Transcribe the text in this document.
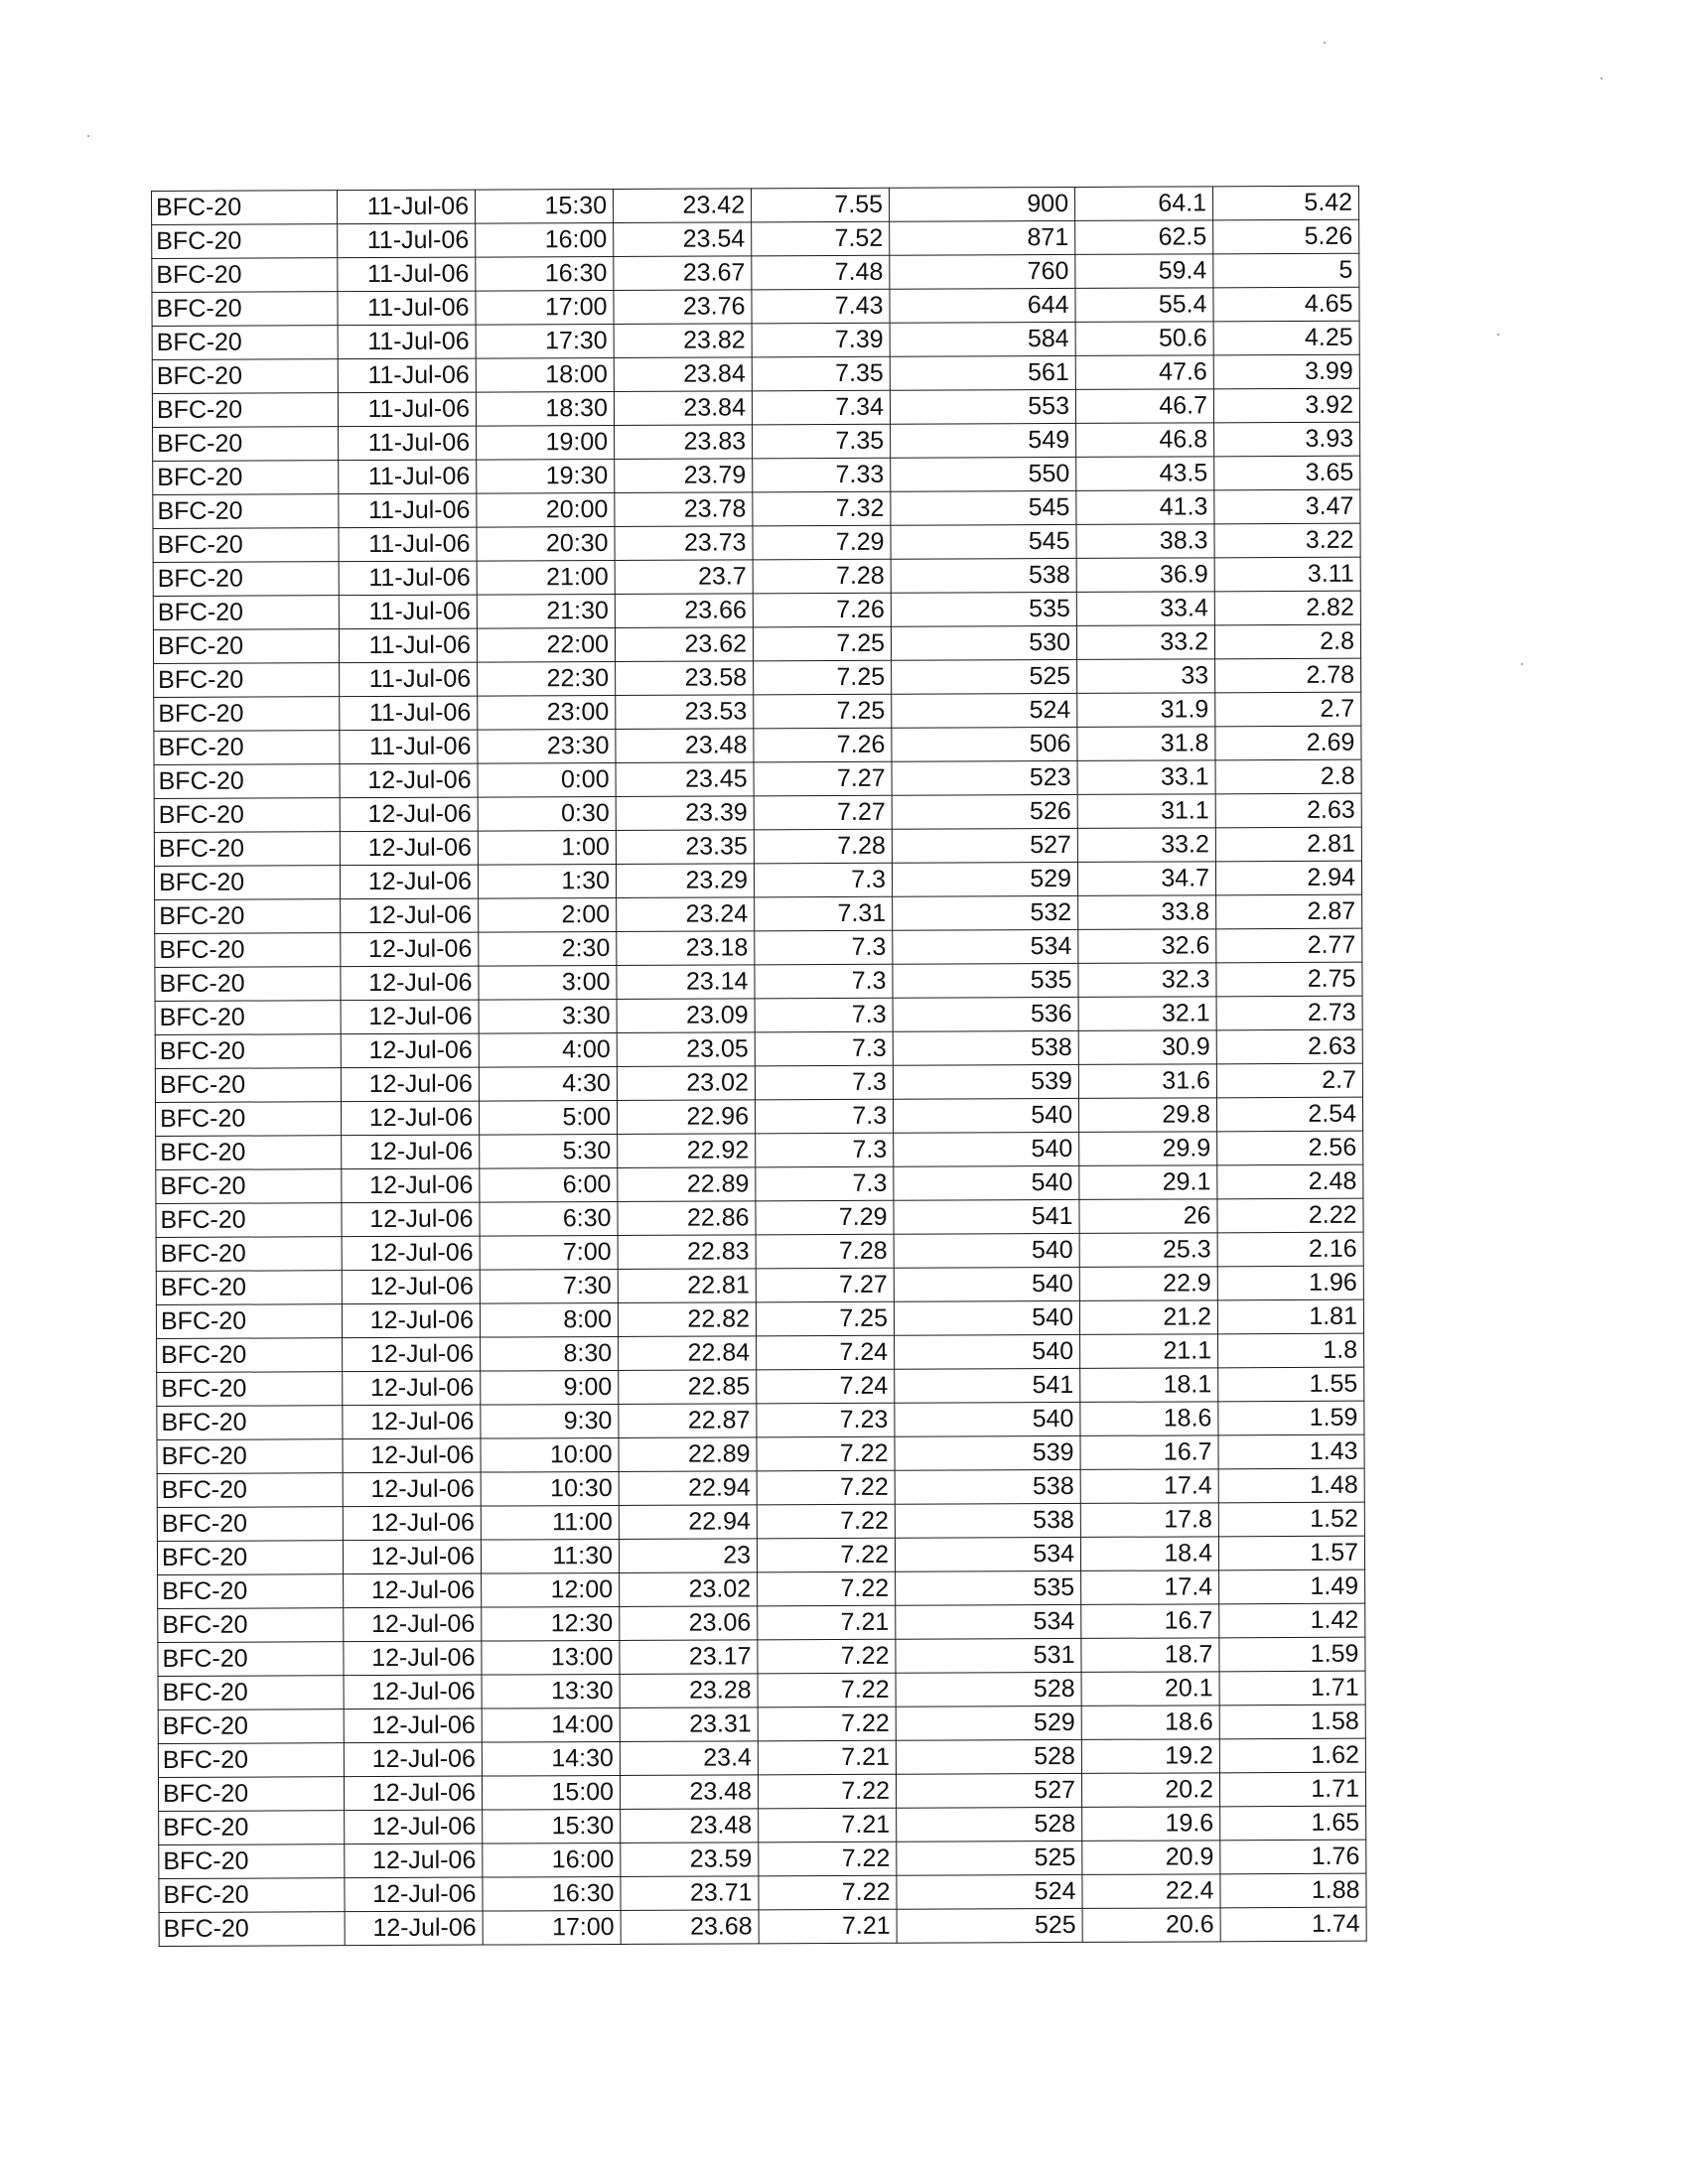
BFC-20	11-Jul-06	15:30	23.42	7.55	900	64.1	5.42
BFC-20	11-Jul-06	16:00	23.54	7.52	871	62.5	5.26
BFC-20	11-Jul-06	16:30	23.67	7.48	760	59.4	5
BFC-20	11-Jul-06	17:00	23.76	7.43	644	55.4	4.65
BFC-20	11-Jul-06	17:30	23.82	7.39	584	50.6	4.25
BFC-20	11-Jul-06	18:00	23.84	7.35	561	47.6	3.99
BFC-20	11-Jul-06	18:30	23.84	7.34	553	46.7	3.92
BFC-20	11-Jul-06	19:00	23.83	7.35	549	46.8	3.93
BFC-20	11-Jul-06	19:30	23.79	7.33	550	43.5	3.65
BFC-20	11-Jul-06	20:00	23.78	7.32	545	41.3	3.47
BFC-20	11-Jul-06	20:30	23.73	7.29	545	38.3	3.22
BFC-20	11-Jul-06	21:00	23.7	7.28	538	36.9	3.11
BFC-20	11-Jul-06	21:30	23.66	7.26	535	33.4	2.82
BFC-20	11-Jul-06	22:00	23.62	7.25	530	33.2	2.8
BFC-20	11-Jul-06	22:30	23.58	7.25	525	33	2.78
BFC-20	11-Jul-06	23:00	23.53	7.25	524	31.9	2.7
BFC-20	11-Jul-06	23:30	23.48	7.26	506	31.8	2.69
BFC-20	12-Jul-06	0:00	23.45	7.27	523	33.1	2.8
BFC-20	12-Jul-06	0:30	23.39	7.27	526	31.1	2.63
BFC-20	12-Jul-06	1:00	23.35	7.28	527	33.2	2.81
BFC-20	12-Jul-06	1:30	23.29	7.3	529	34.7	2.94
BFC-20	12-Jul-06	2:00	23.24	7.31	532	33.8	2.87
BFC-20	12-Jul-06	2:30	23.18	7.3	534	32.6	2.77
BFC-20	12-Jul-06	3:00	23.14	7.3	535	32.3	2.75
BFC-20	12-Jul-06	3:30	23.09	7.3	536	32.1	2.73
BFC-20	12-Jul-06	4:00	23.05	7.3	538	30.9	2.63
BFC-20	12-Jul-06	4:30	23.02	7.3	539	31.6	2.7
BFC-20	12-Jul-06	5:00	22.96	7.3	540	29.8	2.54
BFC-20	12-Jul-06	5:30	22.92	7.3	540	29.9	2.56
BFC-20	12-Jul-06	6:00	22.89	7.3	540	29.1	2.48
BFC-20	12-Jul-06	6:30	22.86	7.29	541	26	2.22
BFC-20	12-Jul-06	7:00	22.83	7.28	540	25.3	2.16
BFC-20	12-Jul-06	7:30	22.81	7.27	540	22.9	1.96
BFC-20	12-Jul-06	8:00	22.82	7.25	540	21.2	1.81
BFC-20	12-Jul-06	8:30	22.84	7.24	540	21.1	1.8
BFC-20	12-Jul-06	9:00	22.85	7.24	541	18.1	1.55
BFC-20	12-Jul-06	9:30	22.87	7.23	540	18.6	1.59
BFC-20	12-Jul-06	10:00	22.89	7.22	539	16.7	1.43
BFC-20	12-Jul-06	10:30	22.94	7.22	538	17.4	1.48
BFC-20	12-Jul-06	11:00	22.94	7.22	538	17.8	1.52
BFC-20	12-Jul-06	11:30	23	7.22	534	18.4	1.57
BFC-20	12-Jul-06	12:00	23.02	7.22	535	17.4	1.49
BFC-20	12-Jul-06	12:30	23.06	7.21	534	16.7	1.42
BFC-20	12-Jul-06	13:00	23.17	7.22	531	18.7	1.59
BFC-20	12-Jul-06	13:30	23.28	7.22	528	20.1	1.71
BFC-20	12-Jul-06	14:00	23.31	7.22	529	18.6	1.58
BFC-20	12-Jul-06	14:30	23.4	7.21	528	19.2	1.62
BFC-20	12-Jul-06	15:00	23.48	7.22	527	20.2	1.71
BFC-20	12-Jul-06	15:30	23.48	7.21	528	19.6	1.65
BFC-20	12-Jul-06	16:00	23.59	7.22	525	20.9	1.76
BFC-20	12-Jul-06	16:30	23.71	7.22	524	22.4	1.88
BFC-20	12-Jul-06	17:00	23.68	7.21	525	20.6	1.74
